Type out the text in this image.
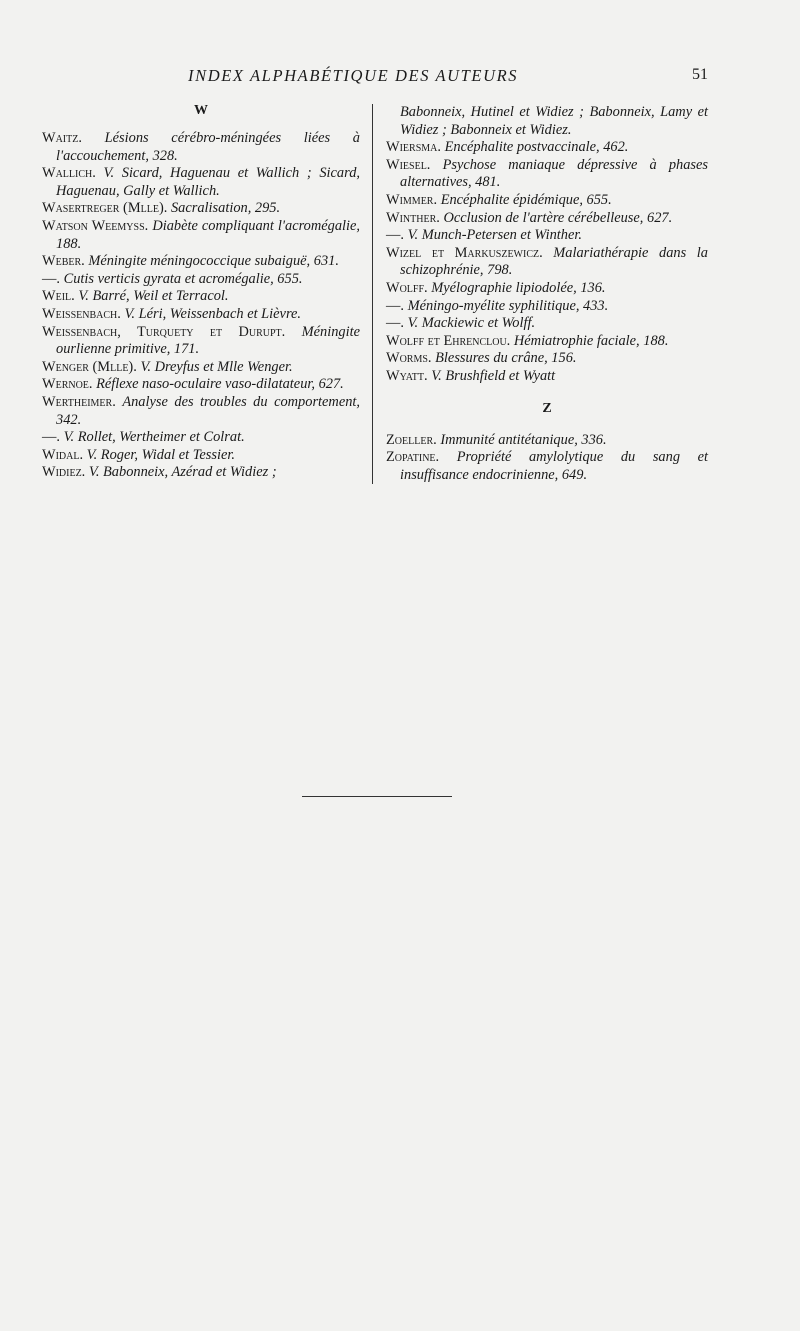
INDEX ALPHABÉTIQUE DES AUTEURS	51
W

Waitz. Lésions cérébro-méningées liées à l'accouchement, 328.

Wallich. V. Sicard, Haguenau et Wallich ; Sicard, Haguenau, Gally et Wallich.

Wasertreger (Mlle). Sacralisation, 295.

Watson Weemyss. Diabète compliquant l'acromégalie, 188.

Weber. Méningite méningococcique subaiguë, 631.

—. Cutis verticis gyrata et acromégalie, 655.

Weil. V. Barré, Weil et Terracol.

Weissenbach. V. Léri, Weissenbach et Lièvre.

Weissenbach, Turquety et Durupt. Méningite ourlienne primitive, 171.

Wenger (Mlle). V. Dreyfus et Mlle Wenger.

Wernoe. Réflexe naso-oculaire vaso-dilatateur, 627.

Wertheimer. Analyse des troubles du comportement, 342.

—. V. Rollet, Wertheimer et Colrat.

Widal. V. Roger, Widal et Tessier.

Widiez. V. Babonneix, Azérad et Widiez ;

Babonneix, Hutinel et Widiez ; Babonneix, Lamy et Widiez ; Babonneix et Widiez.

Wiersma. Encéphalite postvaccinale, 462.

Wiesel. Psychose maniaque dépressive à phases alternatives, 481.

Wimmer. Encéphalite épidémique, 655.

Winther. Occlusion de l'artère cérébelleuse, 627.

—. V. Munch-Petersen et Winther.

Wizel et Markuszewicz. Malariathérapie dans la schizophrénie, 798.

Wolff. Myélographie lipiodolée, 136.

—. Méningo-myélite syphilitique, 433.

—. V. Mackiewic et Wolff.

Wolff et Ehrenclou. Hémiatrophie faciale, 188.

Worms. Blessures du crâne, 156.

Wyatt. V. Brushfield et Wyatt

Z

Zoeller. Immunité antitétanique, 336.

Zopatine. Propriété amylolytique du sang et insuffisance endocrinienne, 649.
